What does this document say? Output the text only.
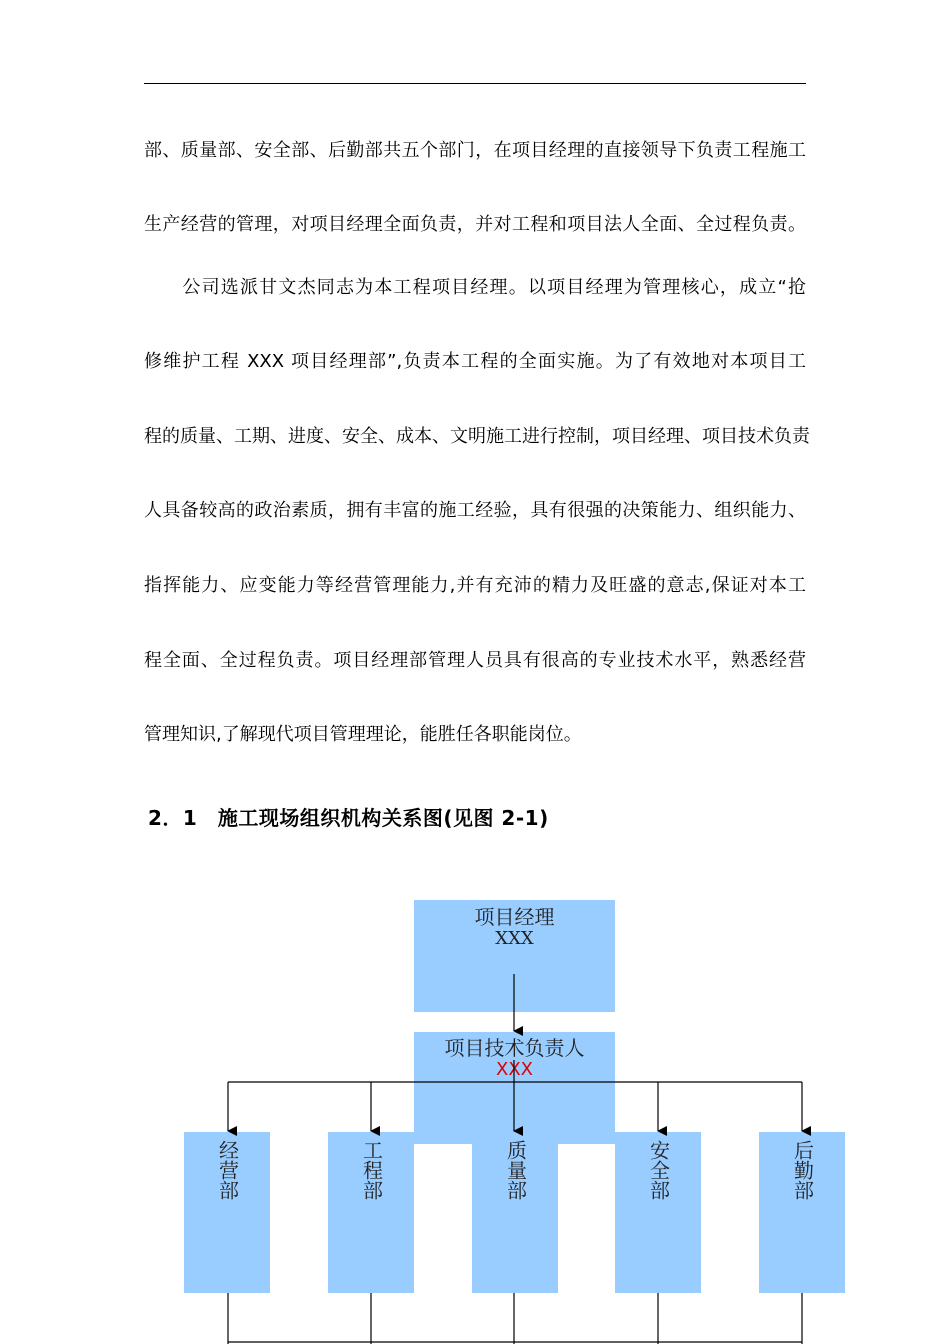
部、质量部、安全部、后勤部共五个部门，在项目经理的直接领导下负责工程施工
生产经营的管理，对项目经理全面负责，并对工程和项目法人全面、全过程负责。
　　公司选派甘文杰同志为本工程项目经理。以项目经理为管理核心，成立“抢
修维护工程 XXX 项目经理部”,负责本工程的全面实施。为了有效地对本项目工
程的质量、工期、进度、安全、成本、文明施工进行控制，项目经理、项目技术负责
人具备较高的政治素质，拥有丰富的施工经验，具有很强的决策能力、组织能力、
指挥能力、应变能力等经营管理能力,并有充沛的精力及旺盛的意志,保证对本工
程全面、全过程负责。项目经理部管理人员具有很高的专业技术水平，熟悉经营
管理知识,了解现代项目管理理论，能胜任各职能岗位。
2．1　施工现场组织机构关系图(见图 2-1)
项目经理
XXX
项目技术负责人
XXX
经营部	工程部	质量部	安全部	后勤部
